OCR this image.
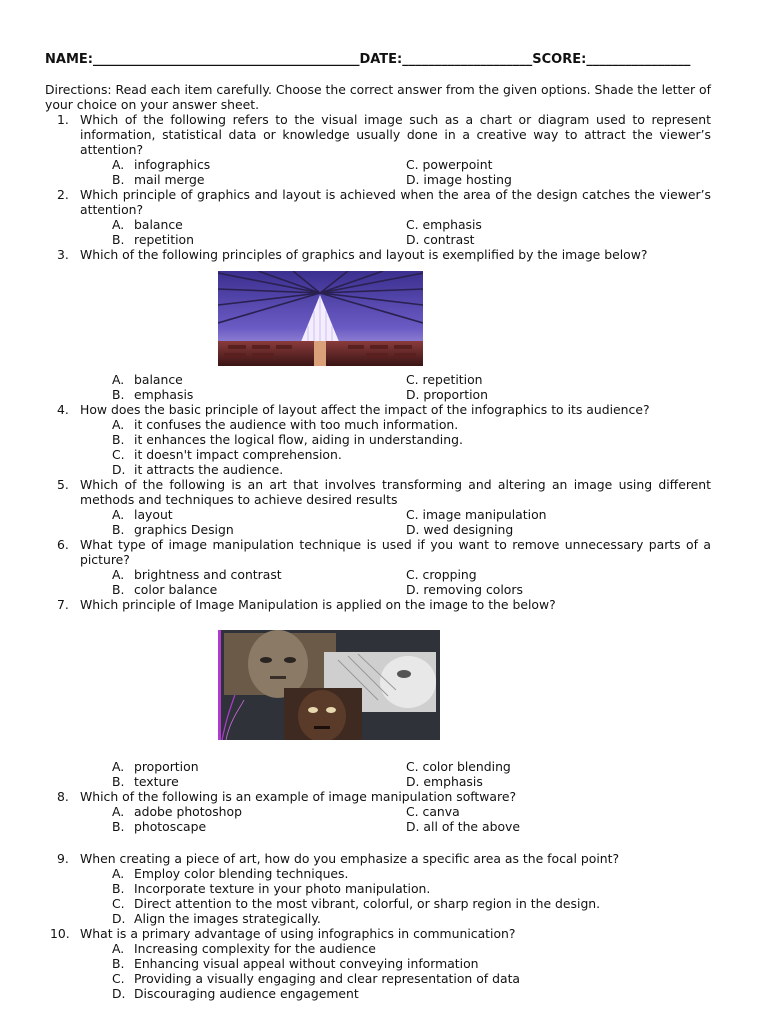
NAME: _________________________________________ DATE: ____________________ SCORE: ________________
Directions: Read each item carefully. Choose the correct answer from the given options. Shade the letter of your choice on your answer sheet.
1. Which of the following refers to the visual image such as a chart or diagram used to represent information, statistical data or knowledge usually done in a creative way to attract the viewer’s attention?
A. infographics	C. powerpoint
B. mail merge	D. image hosting
2. Which principle of graphics and layout is achieved when the area of the design catches the viewer’s attention?
A. balance	C. emphasis
B. repetition	D. contrast
3. Which of the following principles of graphics and layout is exemplified by the image below?
A. balance	C. repetition
B. emphasis	D. proportion
4. How does the basic principle of layout affect the impact of the infographics to its audience?
A. it confuses the audience with too much information.
B. it enhances the logical flow, aiding in understanding.
C. it doesn't impact comprehension.
D. it attracts the audience.
5. Which of the following is an art that involves transforming and altering an image using different methods and techniques to achieve desired results
A. layout	C. image manipulation
B. graphics Design	D. wed designing
6. What type of image manipulation technique is used if you want to remove unnecessary parts of a picture?
A. brightness and contrast	C. cropping
B. color balance	D. removing colors
7. Which principle of Image Manipulation is applied on the image to the below?
A. proportion	C. color blending
B. texture	D. emphasis
8. Which of the following is an example of image manipulation software?
A. adobe photoshop	C. canva
B. photoscape	D. all of the above
9. When creating a piece of art, how do you emphasize a specific area as the focal point?
A. Employ color blending techniques.
B. Incorporate texture in your photo manipulation.
C. Direct attention to the most vibrant, colorful, or sharp region in the design.
D. Align the images strategically.
10. What is a primary advantage of using infographics in communication?
A. Increasing complexity for the audience
B. Enhancing visual appeal without conveying information
C. Providing a visually engaging and clear representation of data
D. Discouraging audience engagement
